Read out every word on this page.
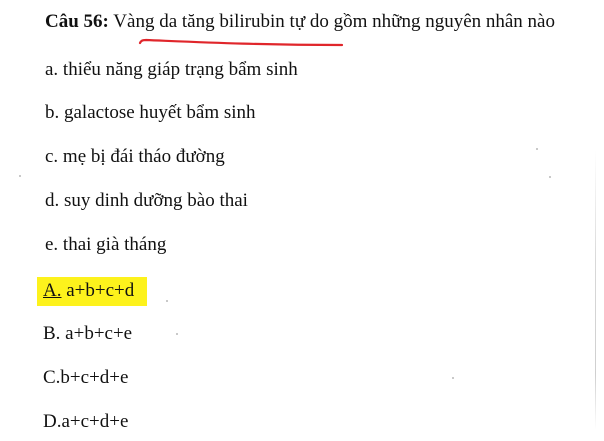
Câu 56: Vàng da tăng bilirubin tự do gồm những nguyên nhân nào
a. thiểu năng giáp trạng bẩm sinh
b. galactose huyết bẩm sinh
c. mẹ bị đái tháo đường
d. suy dinh dưỡng bào thai
e. thai già tháng
A. a+b+c+d
B. a+b+c+e
C.b+c+d+e
D.a+c+d+e
